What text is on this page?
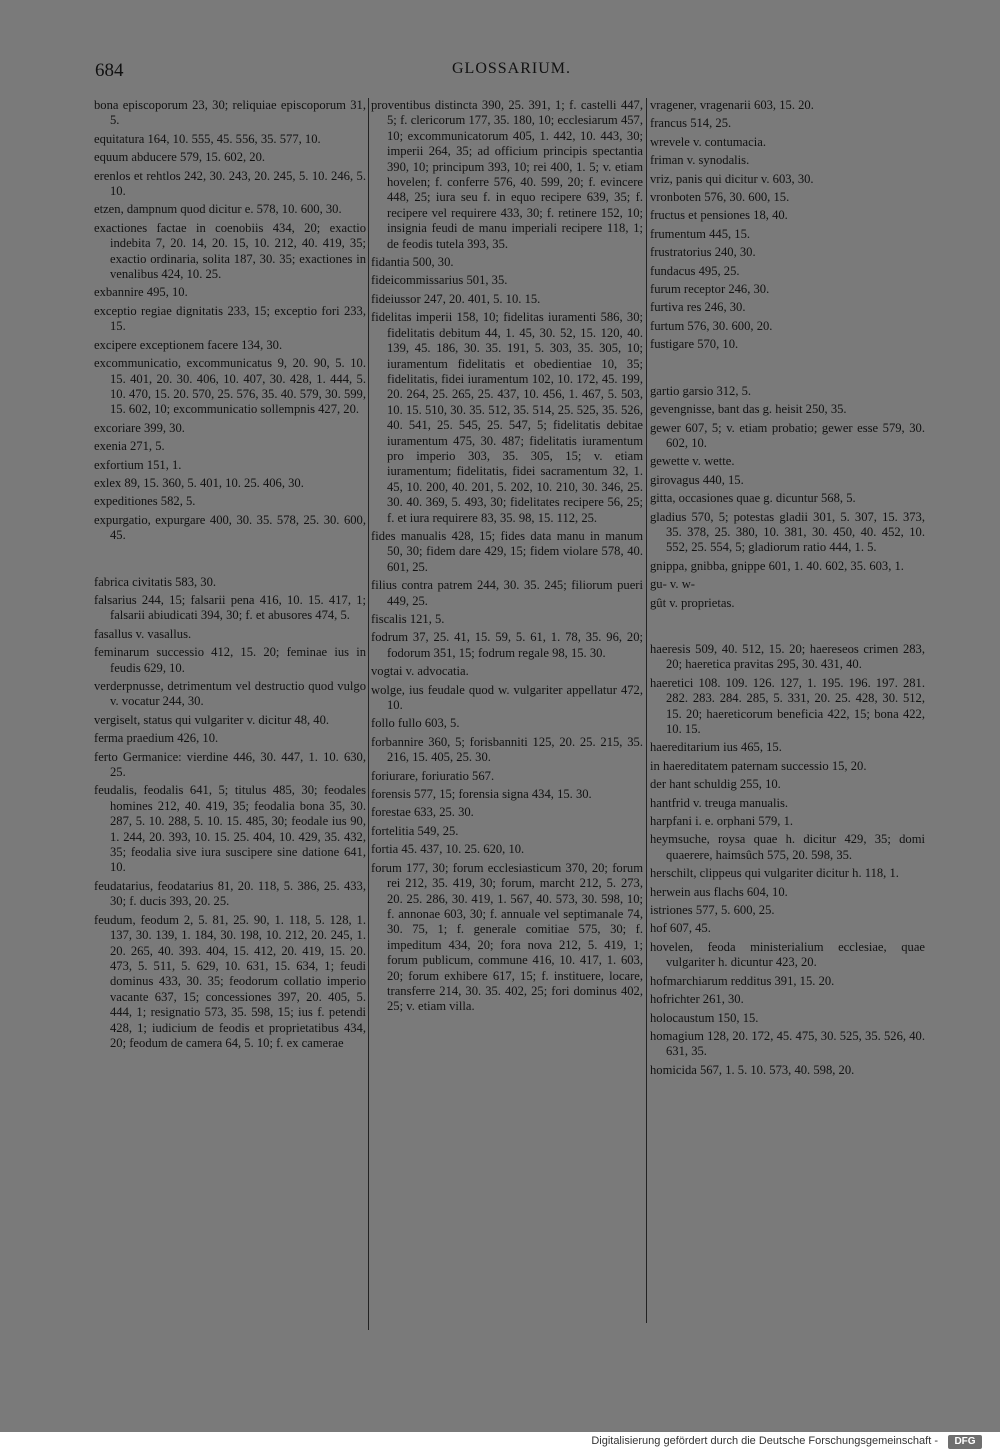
684	GLOSSARIUM.
bona episcoporum 23, 30; reliquiae episcoporum 31, 5.
equitatura 164, 10. 555, 45. 556, 35. 577, 10.
equum abducere 579, 15. 602, 20.
erenlos et rehtlos 242, 30. 243, 20. 245, 5. 10. 246, 5. 10.
etzen, dampnum quod dicitur e. 578, 10. 600, 30.
exactiones factae in coenobiis 434, 20; exactio indebita 7, 20. 14, 20. 15, 10. 212, 40. 419, 35; exactio ordinaria, solita 187, 30. 35; exactiones in venalibus 424, 10. 25.
exbannire 495, 10.
exceptio regiae dignitatis 233, 15; exceptio fori 233, 15.
excipere exceptionem facere 134, 30.
excommunicatio, excommunicatus 9, 20. 90, 5. 10. 15. 401, 20. 30. 406, 10. 407, 30. 428, 1. 444, 5. 10. 470, 15. 20. 570, 25. 576, 35. 40. 579, 30. 599, 15. 602, 10; excommunicatio sollempnis 427, 20.
excoriare 399, 30.
exenia 271, 5.
exfortium 151, 1.
exlex 89, 15. 360, 5. 401, 10. 25. 406, 30.
expeditiones 582, 5.
expurgatio, expurgare 400, 30. 35. 578, 25. 30. 600, 45.
fabrica civitatis 583, 30.
falsarius 244, 15; falsarii pena 416, 10. 15. 417, 1; falsarii abiudicati 394, 30; f. et abusores 474, 5.
fasallus v. vasallus.
feminarum successio 412, 15. 20; feminae ius in feudis 629, 10.
verderpnusse, detrimentum vel destructio quod vulgo v. vocatur 244, 30.
vergiselt, status qui vulgariter v. dicitur 48, 40.
ferma praedium 426, 10.
ferto Germanice: vierdine 446, 30. 447, 1. 10. 630, 25.
feudalis, feodalis 641, 5; titulus 485, 30; feodales homines 212, 40. 419, 35; feodalia bona 35, 30. 287, 5. 10. 288, 5. 10. 15. 485, 30; feodale ius 90, 1. 244, 20. 393, 10. 15. 25. 404, 10. 429, 35. 432, 35; feodalia sive iura suscipere sine datione 641, 10.
feudatarius, feodatarius 81, 20. 118, 5. 386, 25. 433, 30; f. ducis 393, 20. 25.
feudum, feodum 2, 5. 81, 25. 90, 1. 118, 5. 128, 1. 137, 30. 139, 1. 184, 30. 198, 10. 212, 20. 245, 1. 20. 265, 40. 393. 404, 15. 412, 20. 419, 15. 20. 473, 5. 511, 5. 629, 10. 631, 15. 634, 1; feudi dominus 433, 30. 35; feodorum collatio imperio vacante 637, 15; concessiones 397, 20. 405, 5. 444, 1; resignatio 573, 35. 598, 15; ius f. petendi 428, 1; iudicium de feodis et proprietatibus 434, 20; feodum de camera 64, 5. 10; f. ex camerae
proventibus distincta 390, 25. 391, 1; f. castelli 447, 5; f. clericorum 177, 35. 180, 10; ecclesiarum 457, 10; excommunicatorum 405, 1. 442, 10. 443, 30; imperii 264, 35; ad officium principis spectantia 390, 10; principum 393, 10; rei 400, 1. 5; v. etiam hovelen; f. conferre 576, 40. 599, 20; f. evincere 448, 25; iura seu f. in equo recipere 639, 35; f. recipere vel requirere 433, 30; f. retinere 152, 10; insignia feudi de manu imperiali recipere 118, 1; de feodis tutela 393, 35.
fidantia 500, 30.
fideicommissarius 501, 35.
fideiussor 247, 20. 401, 5. 10. 15.
fidelitas imperii 158, 10; fidelitas iuramenti 586, 30; fidelitatis debitum 44, 1. 45, 30. 52, 15. 120, 40. 139, 45. 186, 30. 35. 191, 5. 303, 35. 305, 10; iuramentum fidelitatis et obedientiae 10, 35; fidelitatis, fidei iuramentum 102, 10. 172, 45. 199, 20. 264, 25. 265, 25. 437, 10. 456, 1. 467, 5. 503, 10. 15. 510, 30. 35. 512, 35. 514, 25. 525, 35. 526, 40. 541, 25. 545, 25. 547, 5; fidelitatis debitae iuramentum 475, 30. 487; fidelitatis iuramentum pro imperio 303, 35. 305, 15; v. etiam iuramentum; fidelitatis, fidei sacramentum 32, 1. 45, 10. 200, 40. 201, 5. 202, 10. 210, 30. 346, 25. 30. 40. 369, 5. 493, 30; fidelitates recipere 56, 25; f. et iura requirere 83, 35. 98, 15. 112, 25.
fides manualis 428, 15; fides data manu in manum 50, 30; fidem dare 429, 15; fidem violare 578, 40. 601, 25.
filius contra patrem 244, 30. 35. 245; filiorum pueri 449, 25.
fiscalis 121, 5.
fodrum 37, 25. 41, 15. 59, 5. 61, 1. 78, 35. 96, 20; fodorum 351, 15; fodrum regale 98, 15. 30.
vogtai v. advocatia.
wolge, ius feudale quod w. vulgariter appellatur 472, 10.
follo fullo 603, 5.
forbannire 360, 5; forisbanniti 125, 20. 25. 215, 35. 216, 15. 405, 25. 30.
foriurare, foriuratio 567.
forensis 577, 15; forensia signa 434, 15. 30.
forestae 633, 25. 30.
fortelitia 549, 25.
fortia 45. 437, 10. 25. 620, 10.
forum 177, 30; forum ecclesiasticum 370, 20; forum rei 212, 35. 419, 30; forum, marcht 212, 5. 273, 20. 25. 286, 30. 419, 1. 567, 40. 573, 30. 598, 10; f. annonae 603, 30; f. annuale vel septimanale 74, 30. 75, 1; f. generale comitiae 575, 30; f. impeditum 434, 20; fora nova 212, 5. 419, 1; forum publicum, commune 416, 10. 417, 1. 603, 20; forum exhibere 617, 15; f. instituere, locare, transferre 214, 30. 35. 402, 25; fori dominus 402, 25; v. etiam villa.
vragener, vragenarii 603, 15. 20.
francus 514, 25.
wrevele v. contumacia.
friman v. synodalis.
vriz, panis qui dicitur v. 603, 30.
vronboten 576, 30. 600, 15.
fructus et pensiones 18, 40.
frumentum 445, 15.
frustratorius 240, 30.
fundacus 495, 25.
furum receptor 246, 30.
furtiva res 246, 30.
furtum 576, 30. 600, 20.
fustigare 570, 10.
gartio garsio 312, 5.
gevengnisse, bant das g. heisit 250, 35.
gewer 607, 5; v. etiam probatio; gewer esse 579, 30. 602, 10.
gewette v. wette.
girovagus 440, 15.
gitta, occasiones quae g. dicuntur 568, 5.
gladius 570, 5; potestas gladii 301, 5. 307, 15. 373, 35. 378, 25. 380, 10. 381, 30. 450, 40. 452, 10. 552, 25. 554, 5; gladiorum ratio 444, 1. 5.
gnippa, gnibba, gnippe 601, 1. 40. 602, 35. 603, 1.
gu- v. w-
gût v. proprietas.
haeresis 509, 40. 512, 15. 20; haereseos crimen 283, 20; haeretica pravitas 295, 30. 431, 40.
haeretici 108. 109. 126. 127, 1. 195. 196. 197. 281. 282. 283. 284. 285, 5. 331, 20. 25. 428, 30. 512, 15. 20; haereticorum beneficia 422, 15; bona 422, 10. 15.
haereditarium ius 465, 15.
in haereditatem paternam successio 15, 20.
der hant schuldig 255, 10.
hantfrid v. treuga manualis.
harpfani i. e. orphani 579, 1.
heymsuche, roysa quae h. dicitur 429, 35; domi quaerere, haimsûch 575, 20. 598, 35.
herschilt, clippeus qui vulgariter dicitur h. 118, 1.
herwein aus flachs 604, 10.
istriones 577, 5. 600, 25.
hof 607, 45.
hovelen, feoda ministerialium ecclesiae, quae vulgariter h. dicuntur 423, 20.
hofmarchiarum redditus 391, 15. 20.
hofrichter 261, 30.
holocaustum 150, 15.
homagium 128, 20. 172, 45. 475, 30. 525, 35. 526, 40. 631, 35.
homicida 567, 1. 5. 10. 573, 40. 598, 20.
Digitalisierung gefördert durch die Deutsche Forschungsgemeinschaft -	DFG
